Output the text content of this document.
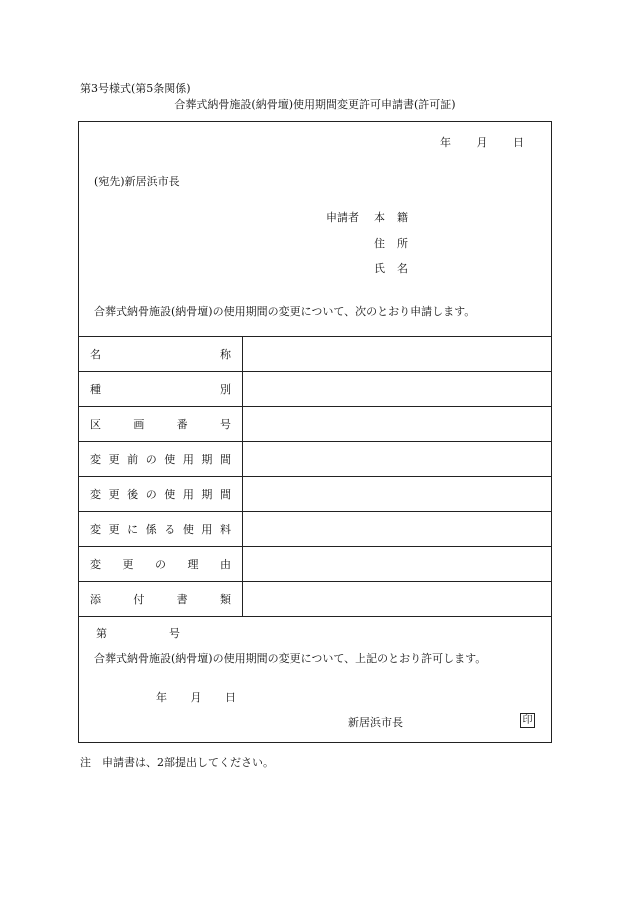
第3号様式(第5条関係)
合葬式納骨施設(納骨壇)使用期間変更許可申請書(許可証)
年 月 日
(宛先)新居浜市長
申請者 本 籍
住 所
氏 名
合葬式納骨施設(納骨壇)の使用期間の変更について、次のとおり申請します。
名	称
種	別
区	画	番	号
変 更 前 の 使 用 期 間
変 更 後 の 使 用 期 間
変 更 に 係 る 使 用 料
変 更 の 理 由
添	付	書	類
第	号
合葬式納骨施設(納骨壇)の使用期間の変更について、上記のとおり許可します。
年 月 日
新居浜市長	印
注　申請書は、2部提出してください。
